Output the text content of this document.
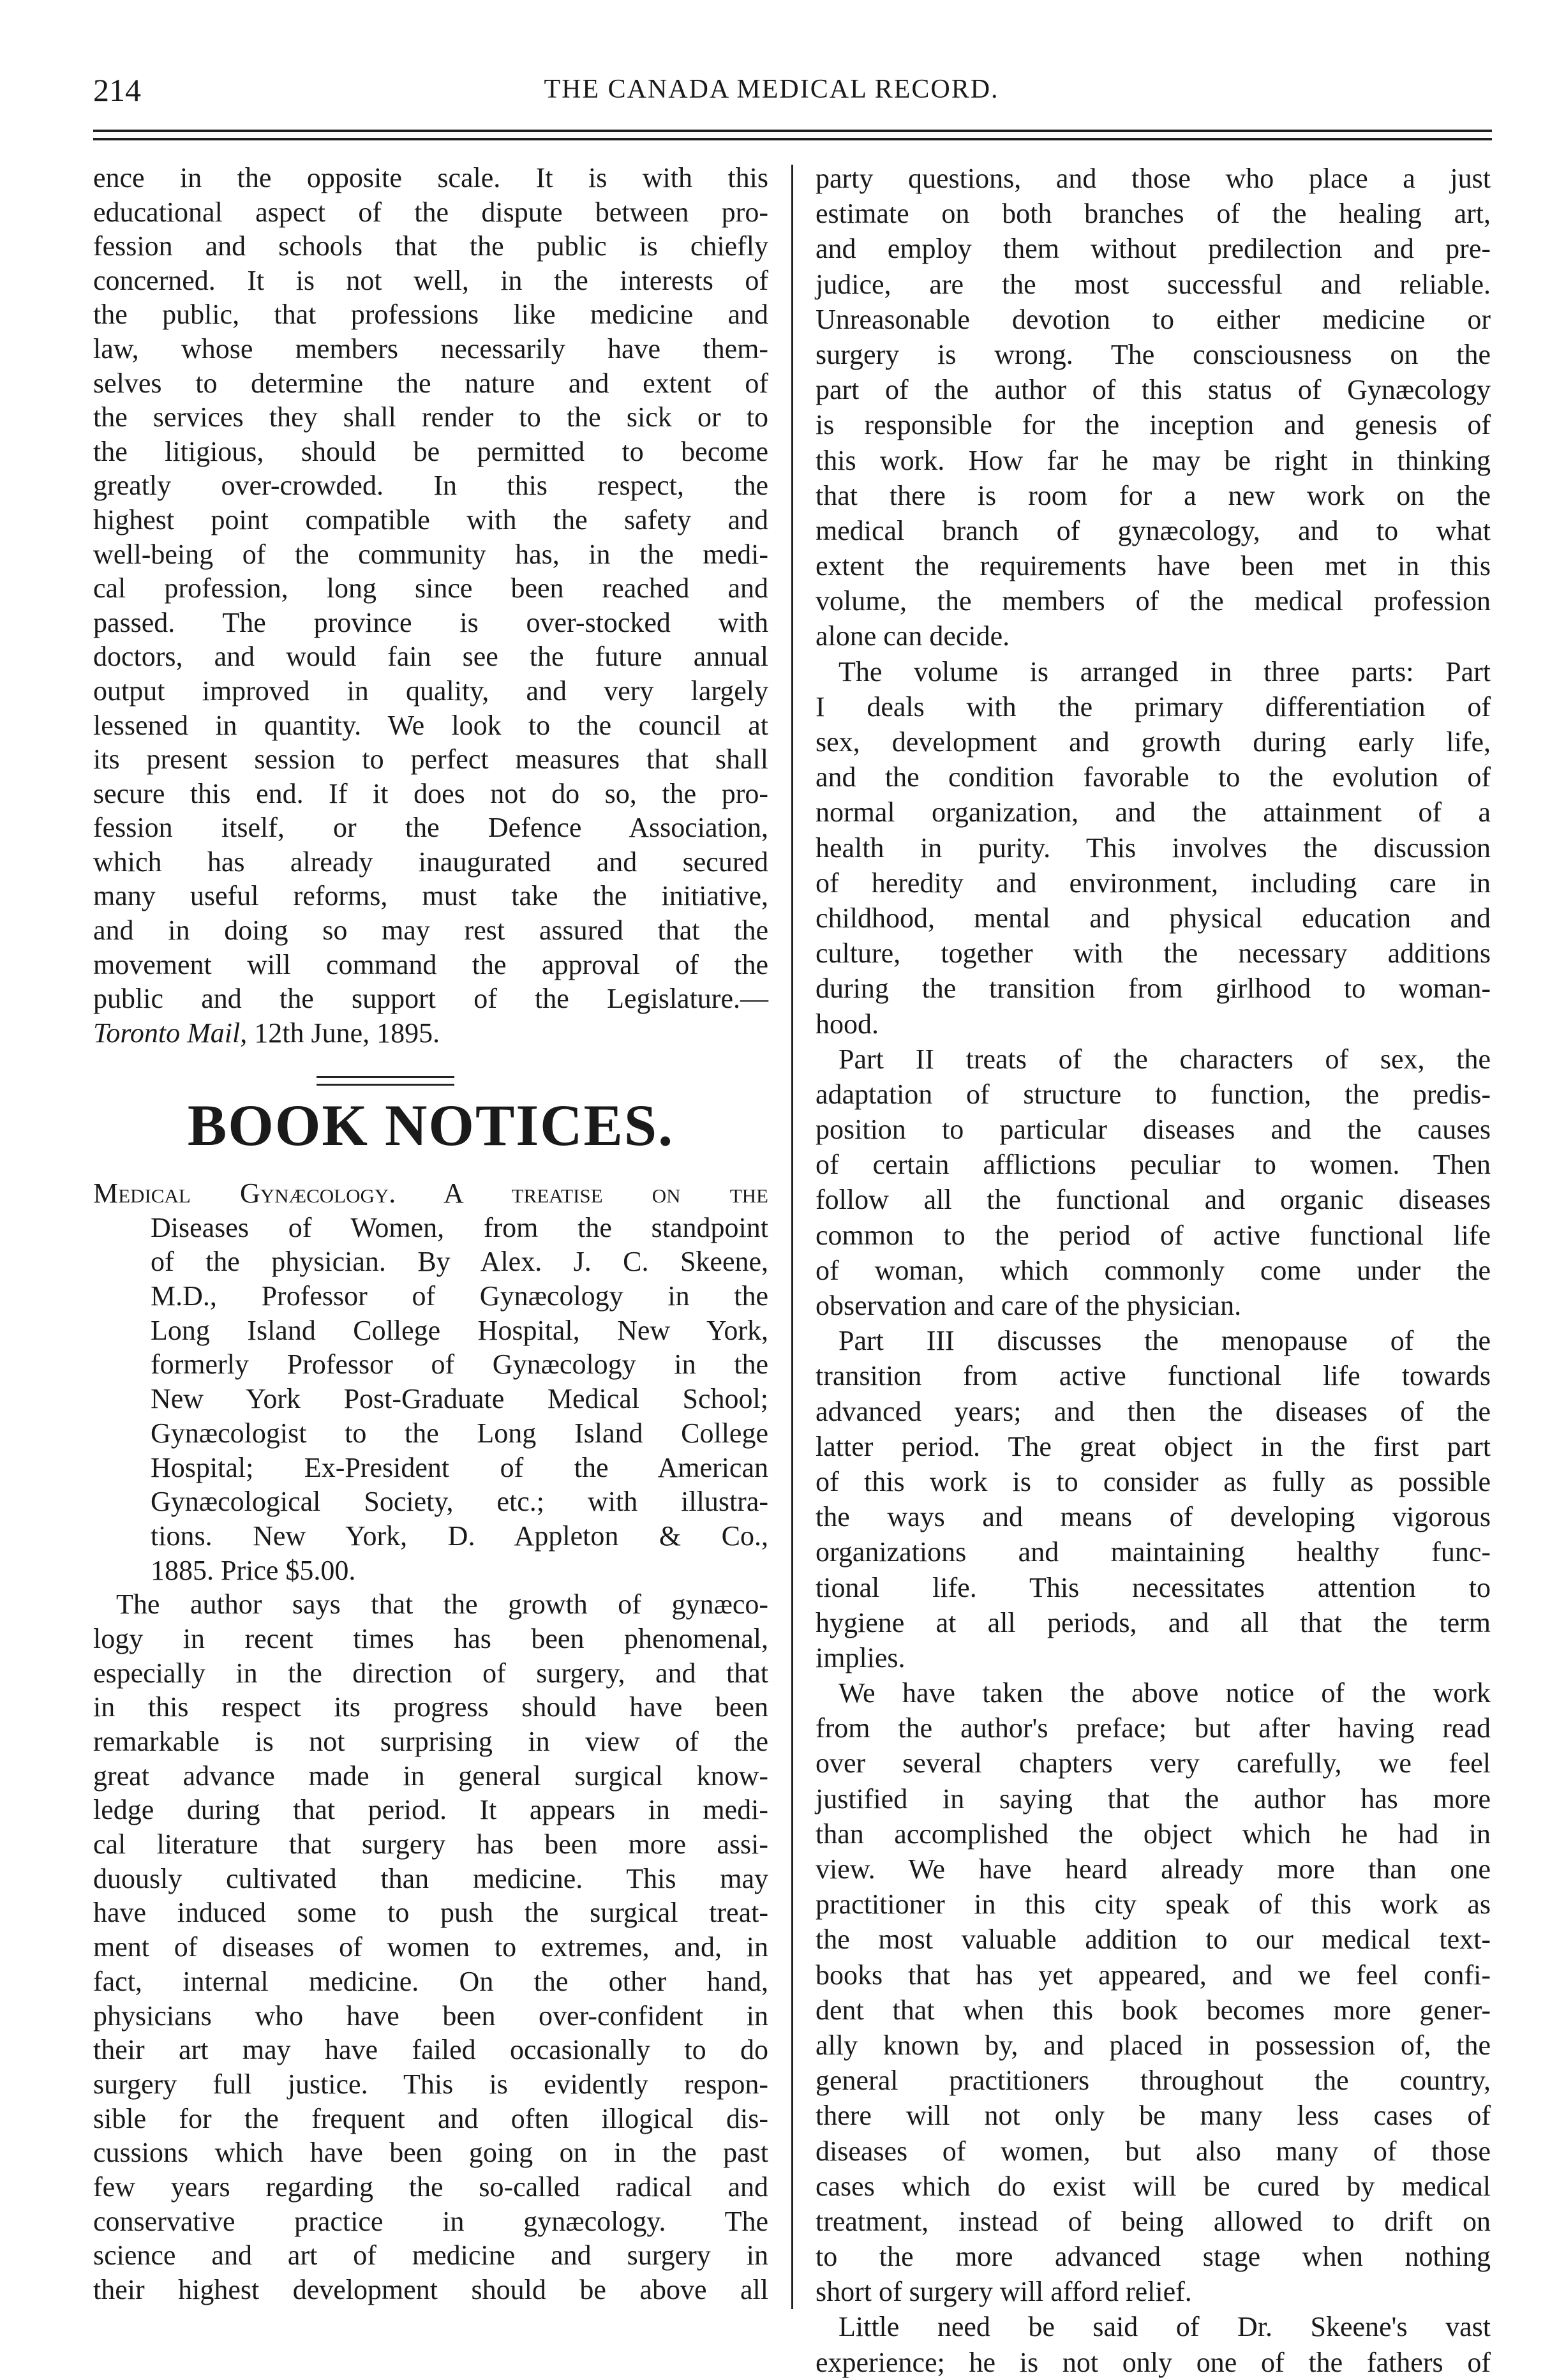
214	THE CANADA MEDICAL RECORD.
ence in the opposite scale. It is with this
educational aspect of the dispute between pro-
fession and schools that the public is chiefly
concerned. It is not well, in the interests of
the public, that professions like medicine and
law, whose members necessarily have them-
selves to determine the nature and extent of
the services they shall render to the sick or to
the litigious, should be permitted to become
greatly over-crowded. In this respect, the
highest point compatible with the safety and
well-being of the community has, in the medi-
cal profession, long since been reached and
passed. The province is over-stocked with
doctors, and would fain see the future annual
output improved in quality, and very largely
lessened in quantity. We look to the council at
its present session to perfect measures that shall
secure this end. If it does not do so, the pro-
fession itself, or the Defence Association,
which has already inaugurated and secured
many useful reforms, must take the initiative,
and in doing so may rest assured that the
movement will command the approval of the
public and the support of the Legislature.—
Toronto Mail, 12th June, 1895.
BOOK NOTICES.
Medical Gynæcology. A treatise on the
Diseases of Women, from the standpoint
of the physician. By Alex. J. C. Skeene,
M.D., Professor of Gynæcology in the
Long Island College Hospital, New York,
formerly Professor of Gynæcology in the
New York Post-Graduate Medical School;
Gynæcologist to the Long Island College
Hospital; Ex-President of the American
Gynæcological Society, etc.; with illustra-
tions. New York, D. Appleton & Co.,
1885. Price $5.00.
The author says that the growth of gynæco-
logy in recent times has been phenomenal,
especially in the direction of surgery, and that
in this respect its progress should have been
remarkable is not surprising in view of the
great advance made in general surgical know-
ledge during that period. It appears in medi-
cal literature that surgery has been more assi-
duously cultivated than medicine. This may
have induced some to push the surgical treat-
ment of diseases of women to extremes, and, in
fact, internal medicine. On the other hand,
physicians who have been over-confident in
their art may have failed occasionally to do
surgery full justice. This is evidently respon-
sible for the frequent and often illogical dis-
cussions which have been going on in the past
few years regarding the so-called radical and
conservative practice in gynæcology. The
science and art of medicine and surgery in
their highest development should be above all
party questions, and those who place a just
estimate on both branches of the healing art,
and employ them without predilection and pre-
judice, are the most successful and reliable.
Unreasonable devotion to either medicine or
surgery is wrong. The consciousness on the
part of the author of this status of Gynæcology
is responsible for the inception and genesis of
this work. How far he may be right in thinking
that there is room for a new work on the
medical branch of gynæcology, and to what
extent the requirements have been met in this
volume, the members of the medical profession
alone can decide.
The volume is arranged in three parts: Part
I deals with the primary differentiation of
sex, development and growth during early life,
and the condition favorable to the evolution of
normal organization, and the attainment of a
health in purity. This involves the discussion
of heredity and environment, including care in
childhood, mental and physical education and
culture, together with the necessary additions
during the transition from girlhood to woman-
hood.
Part II treats of the characters of sex, the
adaptation of structure to function, the predis-
position to particular diseases and the causes
of certain afflictions peculiar to women. Then
follow all the functional and organic diseases
common to the period of active functional life
of woman, which commonly come under the
observation and care of the physician.
Part III discusses the menopause of the
transition from active functional life towards
advanced years; and then the diseases of the
latter period. The great object in the first part
of this work is to consider as fully as possible
the ways and means of developing vigorous
organizations and maintaining healthy func-
tional life. This necessitates attention to
hygiene at all periods, and all that the term
implies.
We have taken the above notice of the work
from the author's preface; but after having read
over several chapters very carefully, we feel
justified in saying that the author has more
than accomplished the object which he had in
view. We have heard already more than one
practitioner in this city speak of this work as
the most valuable addition to our medical text-
books that has yet appeared, and we feel confi-
dent that when this book becomes more gener-
ally known by, and placed in possession of, the
general practitioners throughout the country,
there will not only be many less cases of
diseases of women, but also many of those
cases which do exist will be cured by medical
treatment, instead of being allowed to drift on
to the more advanced stage when nothing
short of surgery will afford relief.
Little need be said of Dr. Skeene's vast
experience; he is not only one of the fathers of
